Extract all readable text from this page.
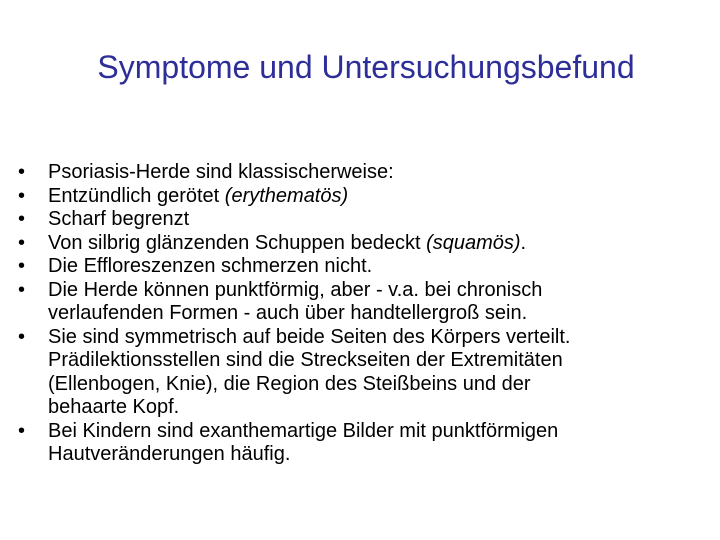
Symptome und Untersuchungsbefund
•	Psoriasis-Herde sind klassischerweise:
•	Entzündlich gerötet (erythematös)
•	Scharf begrenzt
•	Von silbrig glänzenden Schuppen bedeckt (squamös).
•	Die Effloreszenzen schmerzen nicht.
•	Die Herde können punktförmig, aber - v.a. bei chronisch
verlaufenden Formen - auch über handtellergroß sein.
•	Sie sind symmetrisch auf beide Seiten des Körpers verteilt.
Prädilektionsstellen sind die Streckseiten der Extremitäten
(Ellenbogen, Knie), die Region des Steißbeins und der
behaarte Kopf.
•	Bei Kindern sind exanthemartige Bilder mit punktförmigen
Hautveränderungen häufig.
